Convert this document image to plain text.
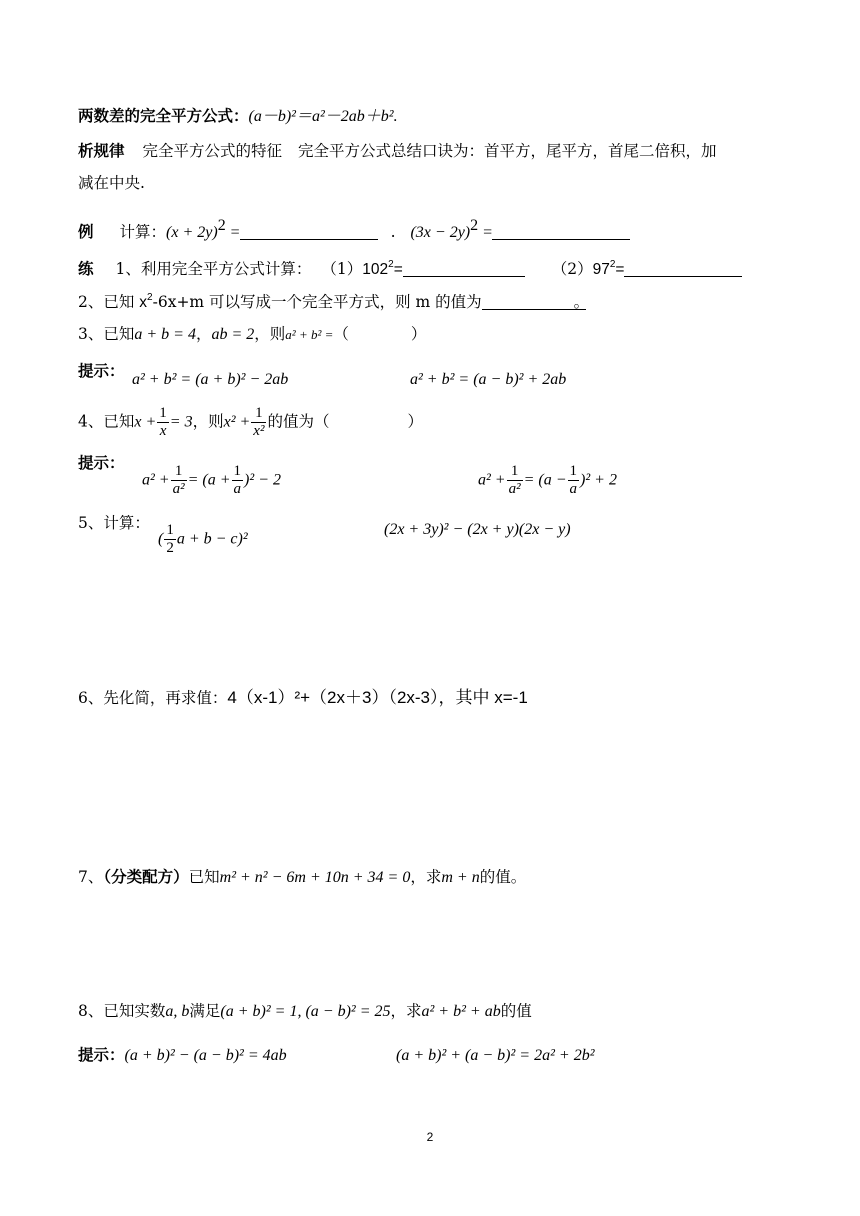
两数差的完全平方公式：(a－b)²＝a²－2ab＋b².
析规律 完全平方公式的特征 完全平方公式总结口诀为：首平方，尾平方，首尾二倍积，加
减在中央.
例 计算：$(x + 2y)^2$ =	. $(3x - 2y)^2$ =
练 1、利用完全平方公式计算： $(1)102^2=$	$(2)97^2=$
2、已知 $x^2-6x+m$ 可以写成一个完全平方式，则 m 的值为	。
3、已知a + b = 4，ab = 2，则a² + b² =（	）
提示： a² + b² = (a + b)² − 2ab	a² + b² = (a − b)² + 2ab
4、已知$x + \frac{1}{x} = 3$，则$x^2 + \frac{1}{\text{x²}}$ 的值为（	）
提示：
$a^2 + \frac{1}{\text{a²}} = (a + \frac{1}{a} )^2 - 2$	$a^2 + \frac{1}{\text{a²}} = (a - \frac{1}{a} )^2 + 2$
5、计算：
( $\frac{1}{2}$ a + b − c)²
(2x + 3y)² − (2x + y)(2x − y)
6、先化简，再求值：4（x-1）²+（2x＋3）（2x-3），其中 x=-1
7、（分类配方）已知m² + n² − 6m + 10n + 34 = 0，求m + n的值。
8、已知实数a, b满足(a + b)² = 1, (a − b)² = 25，求a² + b² + ab的值
提示：(a + b)² − (a − b)² = 4ab	(a + b)² + (a − b)² = 2a² + 2b²
2
